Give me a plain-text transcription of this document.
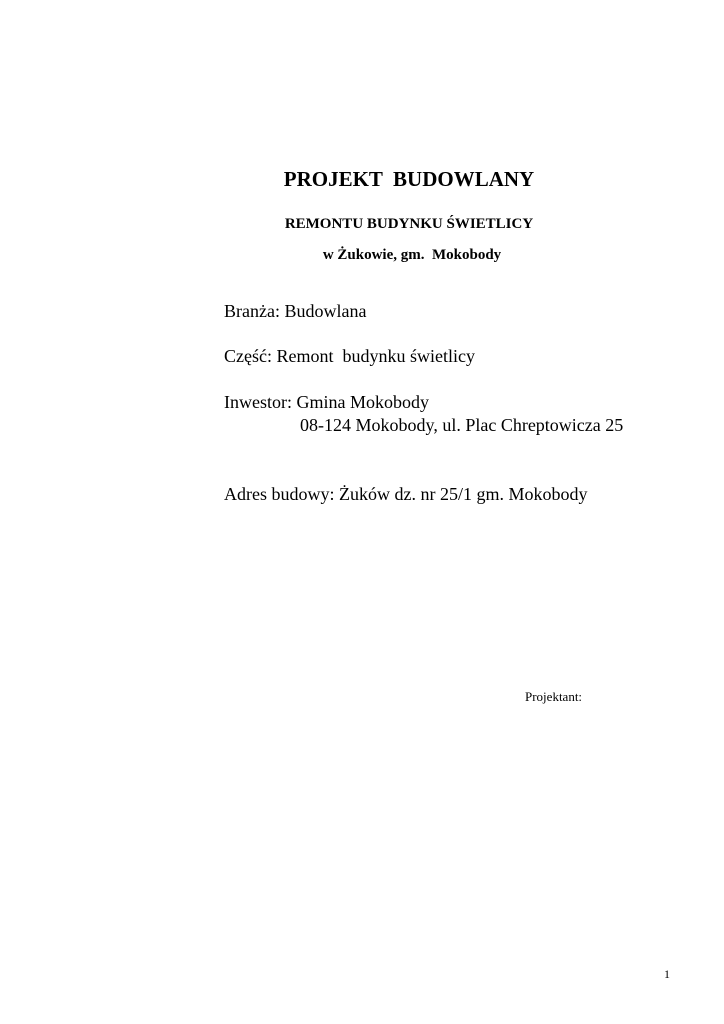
PROJEKT  BUDOWLANY
REMONTU BUDYNKU ŚWIETLICY
w Żukowie, gm.  Mokobody
Branża: Budowlana
Część: Remont  budynku świetlicy
Inwestor: Gmina Mokobody
08-124 Mokobody, ul. Plac Chreptowicza 25
Adres budowy: Żuków dz. nr 25/1 gm. Mokobody
Projektant:
1
